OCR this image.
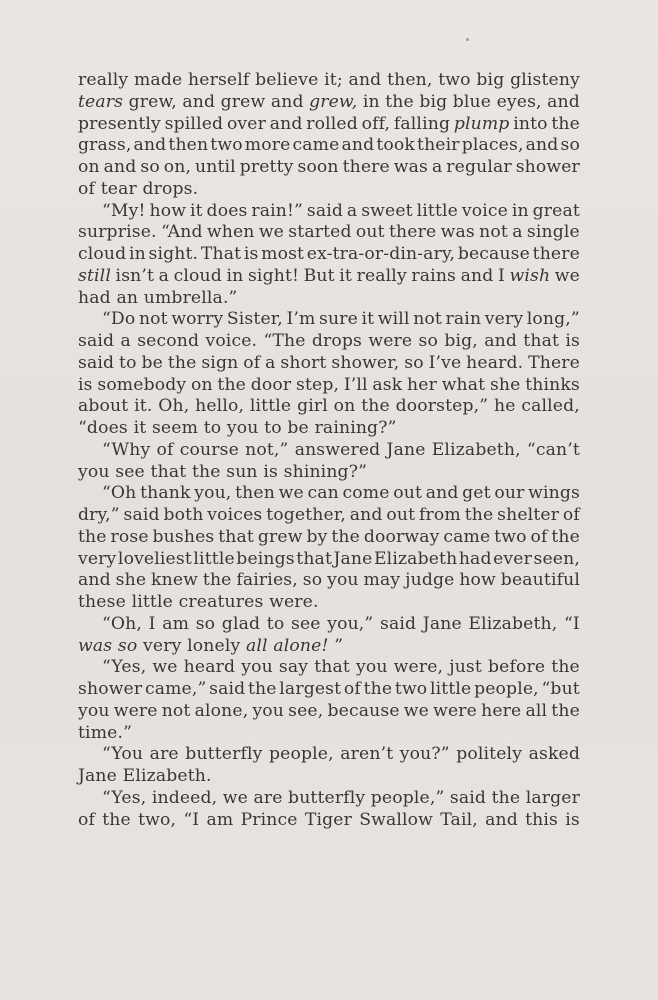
really made herself believe it; and then, two big glisteny
tears grew, and grew and grew, in the big blue eyes, and
presently spilled over and rolled off, falling plump into the
grass, and then two more came and took their places, and so
on and so on, until pretty soon there was a regular shower
of tear drops.
“My! how it does rain!” said a sweet little voice in great
surprise. “And when we started out there was not a single
cloud in sight. That is most ex-tra-or-din-ary, because there
still isn’t a cloud in sight! But it really rains and I wish we
had an umbrella.”
“Do not worry Sister, I’m sure it will not rain very long,”
said a second voice. “The drops were so big, and that is
said to be the sign of a short shower, so I’ve heard. There
is somebody on the door step, I’ll ask her what she thinks
about it. Oh, hello, little girl on the doorstep,” he called,
“does it seem to you to be raining?”
“Why of course not,” answered Jane Elizabeth, “can’t
you see that the sun is shining?”
“Oh thank you, then we can come out and get our wings
dry,” said both voices together, and out from the shelter of
the rose bushes that grew by the doorway came two of the
very loveliest little beings that Jane Elizabeth had ever seen,
and she knew the fairies, so you may judge how beautiful
these little creatures were.
“Oh, I am so glad to see you,” said Jane Elizabeth, “I
was so very lonely all alone! ”
“Yes, we heard you say that you were, just before the
shower came,” said the largest of the two little people, “but
you were not alone, you see, because we were here all the
time.”
“You are butterfly people, aren’t you?” politely asked
Jane Elizabeth.
“Yes, indeed, we are butterfly people,” said the larger
of the two, “I am Prince Tiger Swallow Tail, and this is
